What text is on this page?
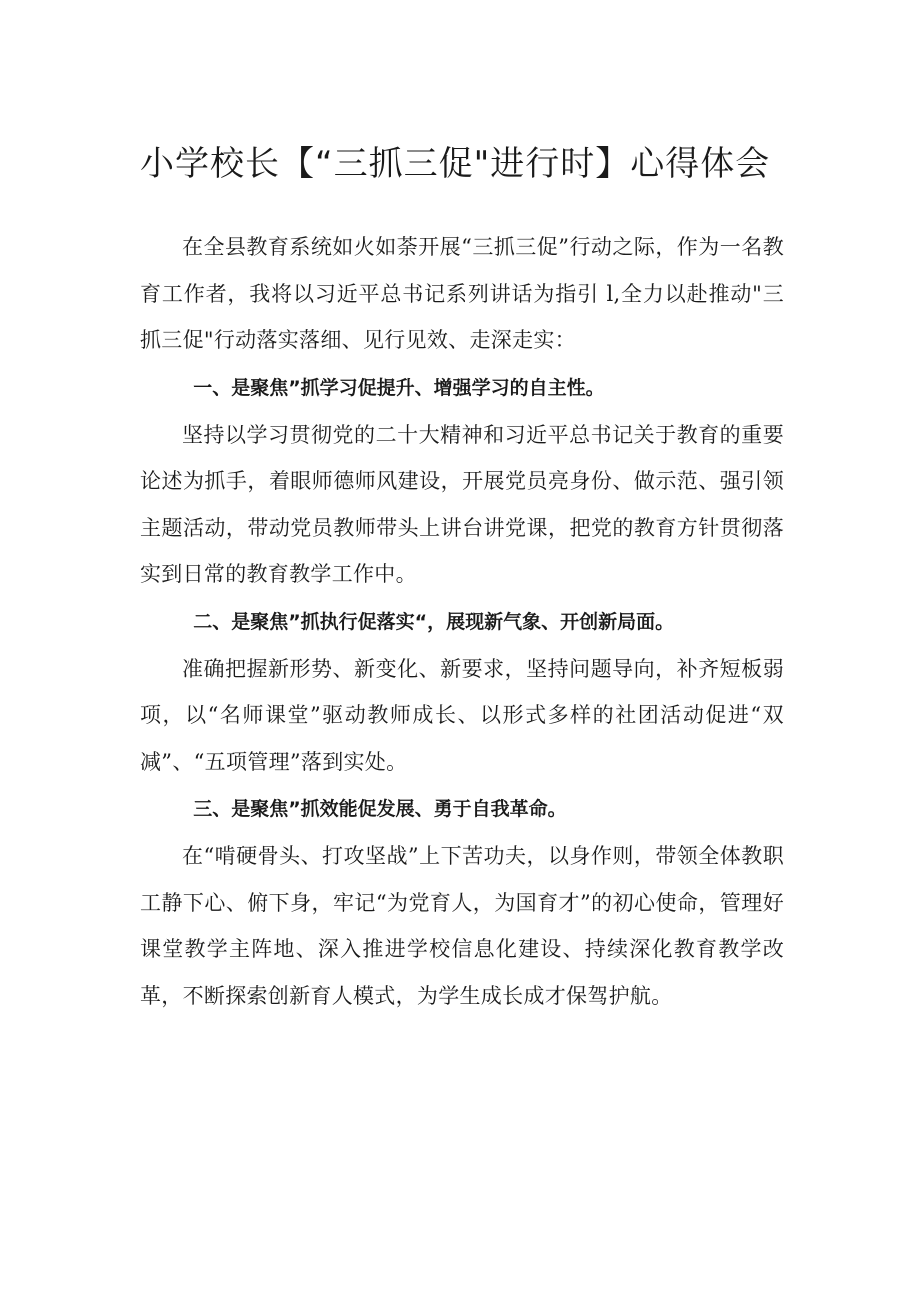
小学校长【“三抓三促"进行时】心得体会

在全县教育系统如火如荼开展“三抓三促”行动之际，作为一名教育工作者，我将以习近平总书记系列讲话为指引 l,全力以赴推动"三抓三促"行动落实落细、见行见效、走深走实：

一、是聚焦”抓学习促提升、增强学习的自主性。

坚持以学习贯彻党的二十大精神和习近平总书记关于教育的重要论述为抓手，着眼师德师风建设，开展党员亮身份、做示范、强引领主题活动，带动党员教师带头上讲台讲党课，把党的教育方针贯彻落实到日常的教育教学工作中。

二、是聚焦”抓执行促落实“，展现新气象、开创新局面。

准确把握新形势、新变化、新要求，坚持问题导向，补齐短板弱项，以“名师课堂”驱动教师成长、以形式多样的社团活动促进“双减”、“五项管理”落到实处。

三、是聚焦”抓效能促发展、勇于自我革命。

在“啃硬骨头、打攻坚战”上下苦功夫，以身作则，带领全体教职工静下心、俯下身，牢记“为党育人，为国育才”的初心使命，管理好课堂教学主阵地、深入推进学校信息化建设、持续深化教育教学改革，不断探索创新育人模式，为学生成长成才保驾护航。
